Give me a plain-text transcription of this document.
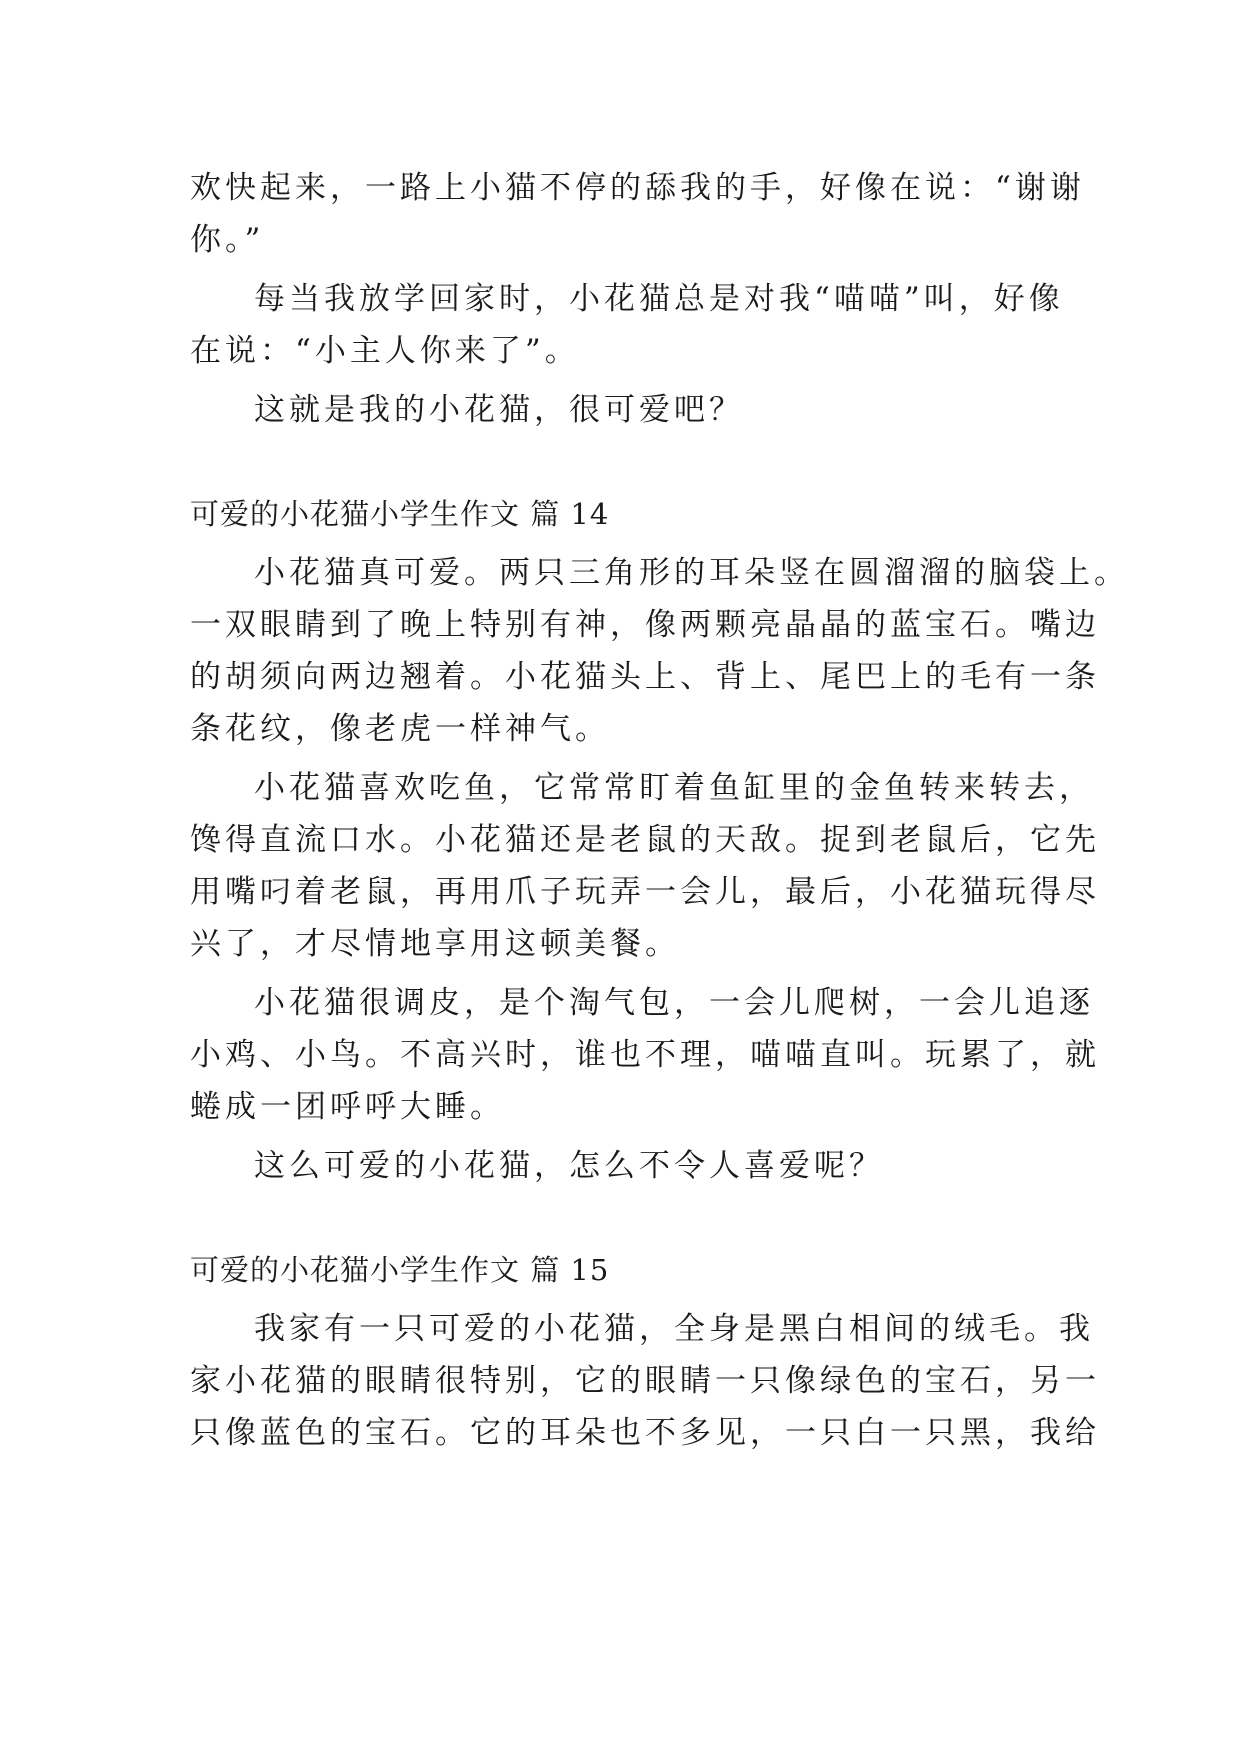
欢快起来，一路上小猫不停的舔我的手，好像在说：“谢谢
你。”
每当我放学回家时，小花猫总是对我“喵喵”叫，好像
在说：“小主人你来了”。
这就是我的小花猫，很可爱吧？
可爱的小花猫小学生作文 篇 14
小花猫真可爱。两只三角形的耳朵竖在圆溜溜的脑袋上。
一双眼睛到了晚上特别有神，像两颗亮晶晶的蓝宝石。嘴边
的胡须向两边翘着。小花猫头上、背上、尾巴上的毛有一条
条花纹，像老虎一样神气。
小花猫喜欢吃鱼，它常常盯着鱼缸里的金鱼转来转去，
馋得直流口水。小花猫还是老鼠的天敌。捉到老鼠后，它先
用嘴叼着老鼠，再用爪子玩弄一会儿，最后，小花猫玩得尽
兴了，才尽情地享用这顿美餐。
小花猫很调皮，是个淘气包，一会儿爬树，一会儿追逐
小鸡、小鸟。不高兴时，谁也不理，喵喵直叫。玩累了，就
蜷成一团呼呼大睡。
这么可爱的小花猫，怎么不令人喜爱呢？
可爱的小花猫小学生作文 篇 15
我家有一只可爱的小花猫，全身是黑白相间的绒毛。我
家小花猫的眼睛很特别，它的眼睛一只像绿色的宝石，另一
只像蓝色的宝石。它的耳朵也不多见，一只白一只黑，我给
